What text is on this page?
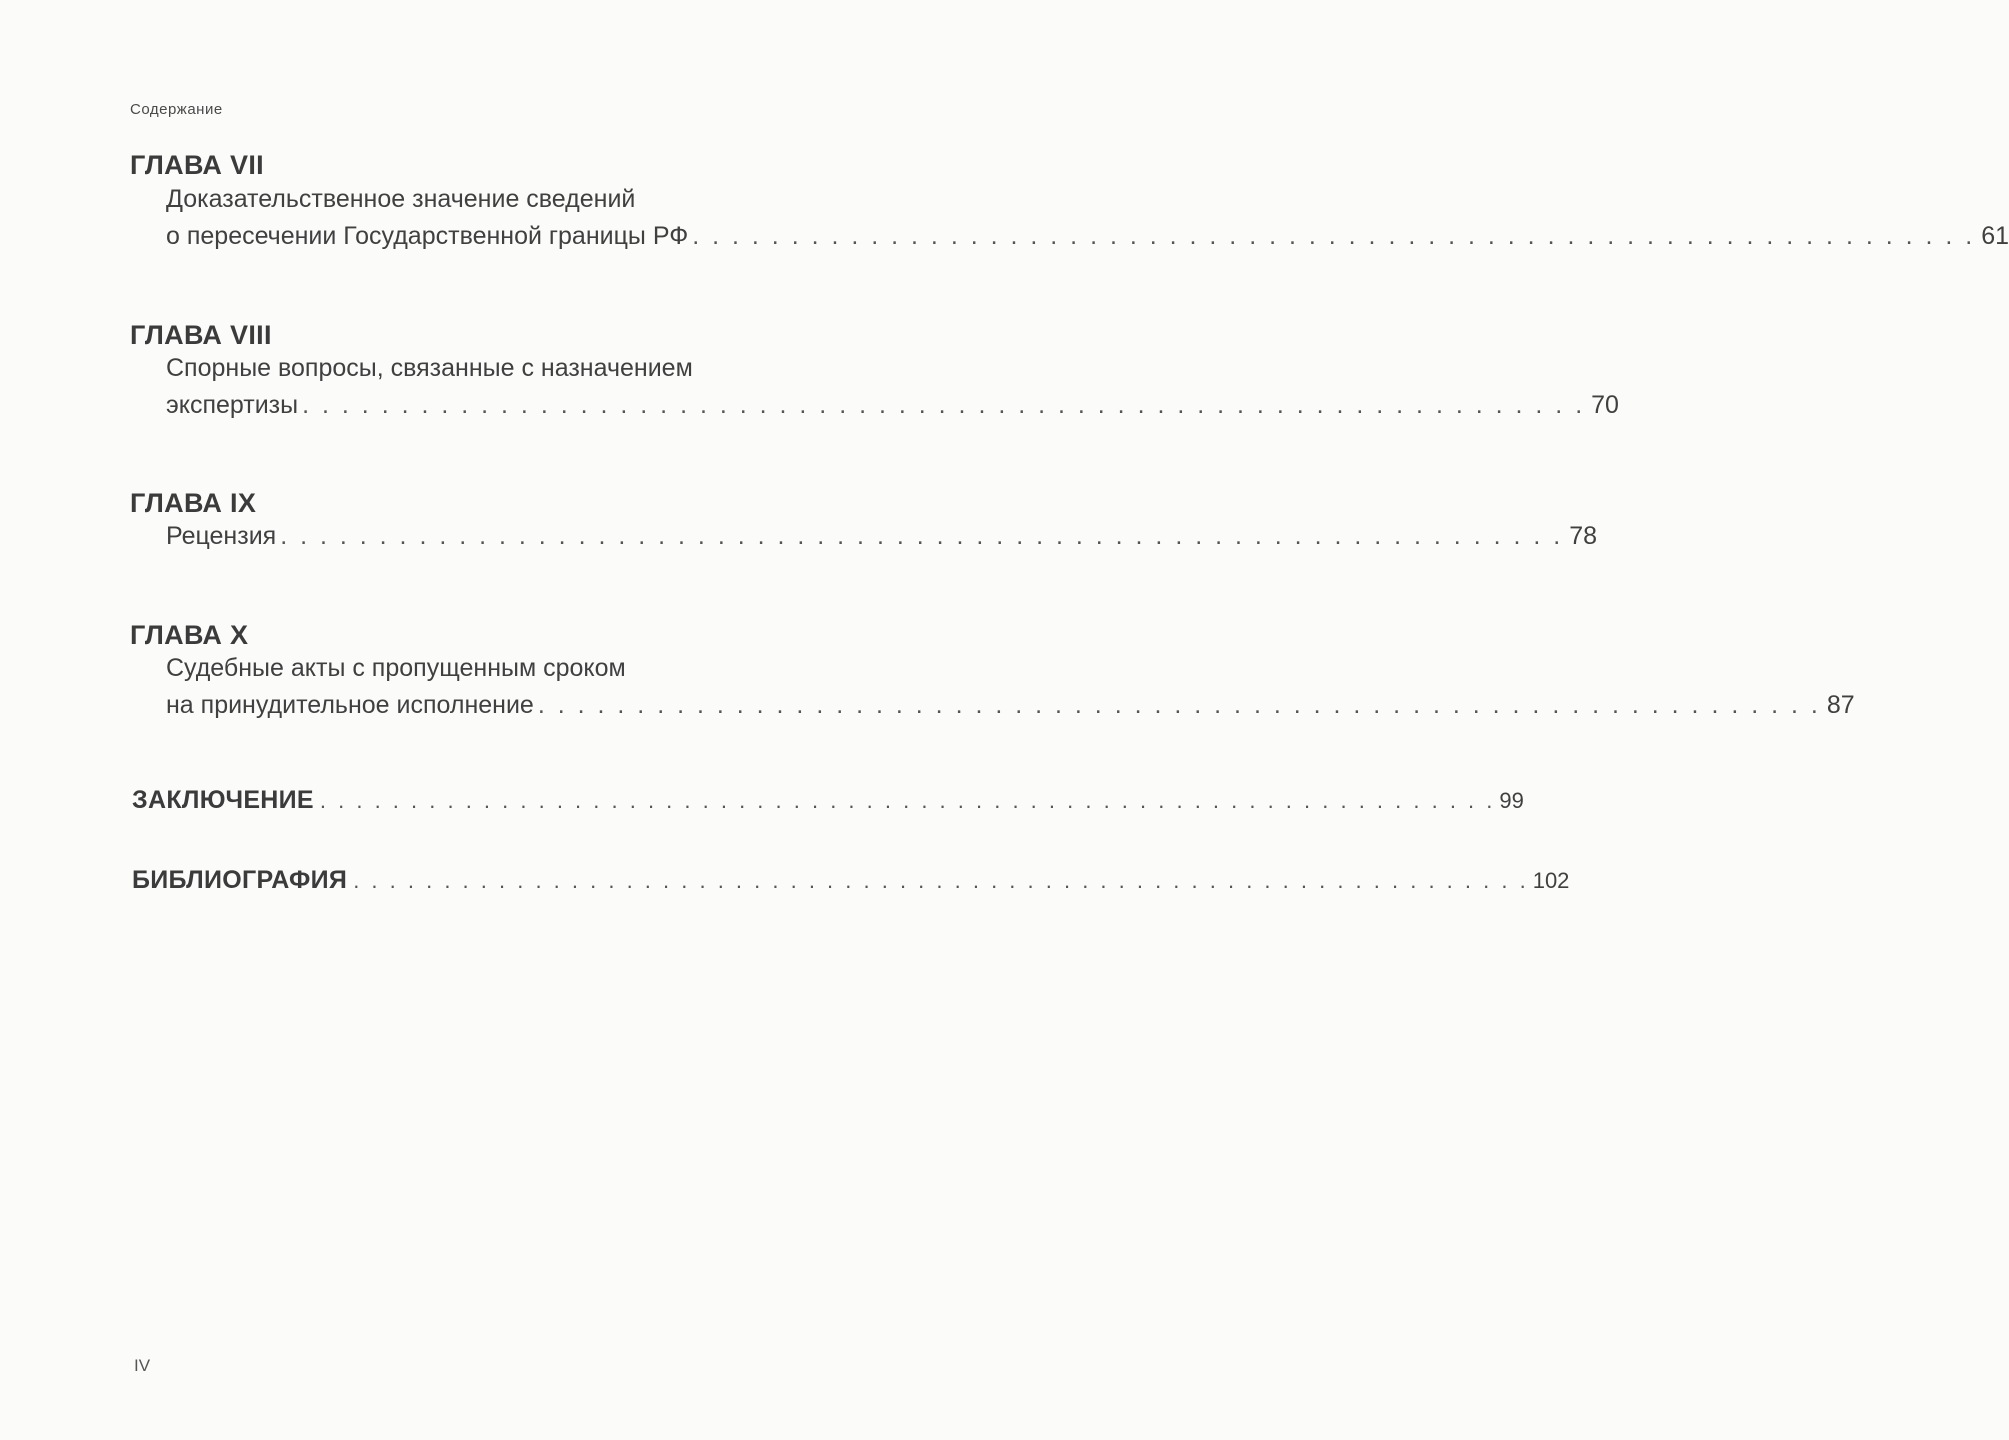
Содержание
ГЛАВА VII
Доказательственное значение сведений
о пересечении Государственной границы РФ . . . . . . . . . . . . . . . . . . . . . . . . . . . . . . . . . . . . . . . . . . . . . . . . . . . . . . . . . . . . . . . . . 61
ГЛАВА VIII
Спорные вопросы, связанные с назначением
экспертизы . . . . . . . . . . . . . . . . . . . . . . . . . . . . . . . . . . . . . . . . . . . . . . . . . . . . . . . . . . . . . . . . . 70
ГЛАВА IX
Рецензия . . . . . . . . . . . . . . . . . . . . . . . . . . . . . . . . . . . . . . . . . . . . . . . . . . . . . . . . . . . . . . . . . 78
ГЛАВА X
Судебные акты с пропущенным сроком
на принудительное исполнение . . . . . . . . . . . . . . . . . . . . . . . . . . . . . . . . . . . . . . . . . . . . . . . . . . . . . . . . . . . . . . . . . 87
ЗАКЛЮЧЕНИЕ . . . . . . . . . . . . . . . . . . . . . . . . . . . . . . . . . . . . . . . . . . . . . . . . . . . . . . . . . . . . . . . . . 99
БИБЛИОГРАФИЯ . . . . . . . . . . . . . . . . . . . . . . . . . . . . . . . . . . . . . . . . . . . . . . . . . . . . . . . . . . . . . . . . . 102
IV
